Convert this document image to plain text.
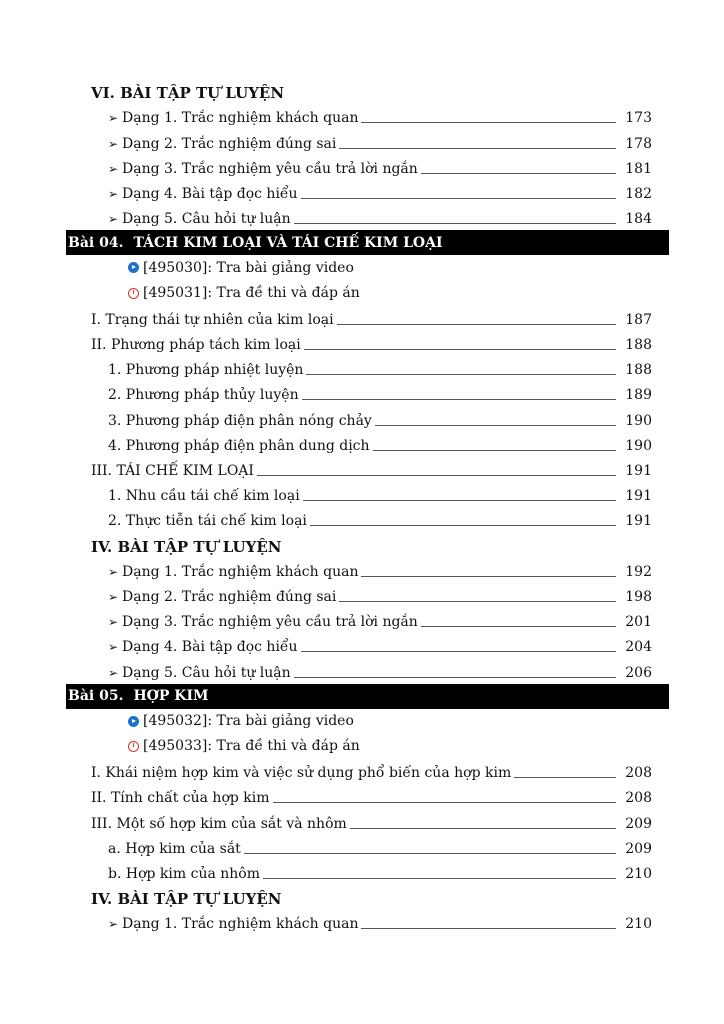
VI. BÀI TẬP TỰ LUYỆN
➢ Dạng 1. Trắc nghiệm khách quan	173
➢ Dạng 2. Trắc nghiệm đúng sai	178
➢ Dạng 3. Trắc nghiệm yêu cầu trả lời ngắn	181
➢ Dạng 4. Bài tập đọc hiểu	182
➢ Dạng 5. Câu hỏi tự luận	184
Bài 04. TÁCH KIM LOẠI VÀ TÁI CHẾ KIM LOẠI
[495030]: Tra bài giảng video
[495031]: Tra đề thi và đáp án
I. Trạng thái tự nhiên của kim loại	187
II. Phương pháp tách kim loại	188
1. Phương pháp nhiệt luyện	188
2. Phương pháp thủy luyện	189
3. Phương pháp điện phân nóng chảy	190
4. Phương pháp điện phân dung dịch	190
III. TÁI CHẾ KIM LOẠI	191
1. Nhu cầu tái chế kim loại	191
2. Thực tiễn tái chế kim loại	191
IV. BÀI TẬP TỰ LUYỆN
➢ Dạng 1. Trắc nghiệm khách quan	192
➢ Dạng 2. Trắc nghiệm đúng sai	198
➢ Dạng 3. Trắc nghiệm yêu cầu trả lời ngắn	201
➢ Dạng 4. Bài tập đọc hiểu	204
➢ Dạng 5. Câu hỏi tự luận	206
Bài 05. HỢP KIM
[495032]: Tra bài giảng video
[495033]: Tra đề thi và đáp án
I. Khái niệm hợp kim và việc sử dụng phổ biến của hợp kim	208
II. Tính chất của hợp kim	208
III. Một số hợp kim của sắt và nhôm	209
a. Hợp kim của sắt	209
b. Hợp kim của nhôm	210
IV. BÀI TẬP TỰ LUYỆN
➢ Dạng 1. Trắc nghiệm khách quan	210
